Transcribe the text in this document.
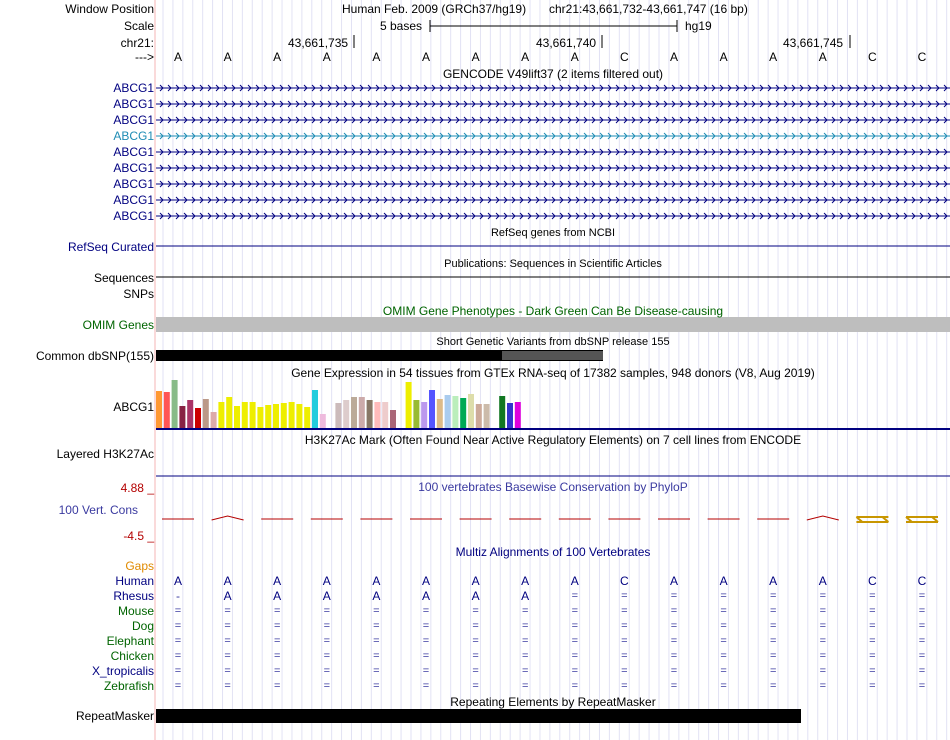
Window Position	Human Feb. 2009 (GRCh37/hg19) chr21:43,661,732-43,661,747 (16 bp)
Scale	5 bases	hg19
chr21:	43,661,735	43,661,740	43,661,745
--->	A	A	A	A	A	A	A	A	A	C	A	A	A	A	C	C
GENCODE V49lift37 (2 items filtered out)
ABCG1
ABCG1
ABCG1
ABCG1
ABCG1
ABCG1
ABCG1
ABCG1
ABCG1
RefSeq genes from NCBI
RefSeq Curated
Publications: Sequences in Scientific Articles
Sequences
SNPs
OMIM Gene Phenotypes - Dark Green Can Be Disease-causing
OMIM Genes
Short Genetic Variants from dbSNP release 155
Common dbSNP(155)
Gene Expression in 54 tissues from GTEx RNA-seq of 17382 samples, 948 donors (V8, Aug 2019)
ABCG1
H3K27Ac Mark (Often Found Near Active Regulatory Elements) on 7 cell lines from ENCODE
Layered H3K27Ac
100 vertebrates Basewise Conservation by PhyloP
4.88 _
100 Vert. Cons
-4.5 _
Multiz Alignments of 100 Vertebrates
Gaps
Human	A	A	A	A	A	A	A	A	A	C	A	A	A	A	C	C
Rhesus	-	A	A	A	A	A	A	A	=	=	=	=	=	=	=	=
Mouse	=	=	=	=	=	=	=	=	=	=	=	=	=	=	=	=
Dog	=	=	=	=	=	=	=	=	=	=	=	=	=	=	=	=
Elephant	=	=	=	=	=	=	=	=	=	=	=	=	=	=	=	=
Chicken	=	=	=	=	=	=	=	=	=	=	=	=	=	=	=	=
X_tropicalis	=	=	=	=	=	=	=	=	=	=	=	=	=	=	=	=
Zebrafish	=	=	=	=	=	=	=	=	=	=	=	=	=	=	=	=
Repeating Elements by RepeatMasker
RepeatMasker
